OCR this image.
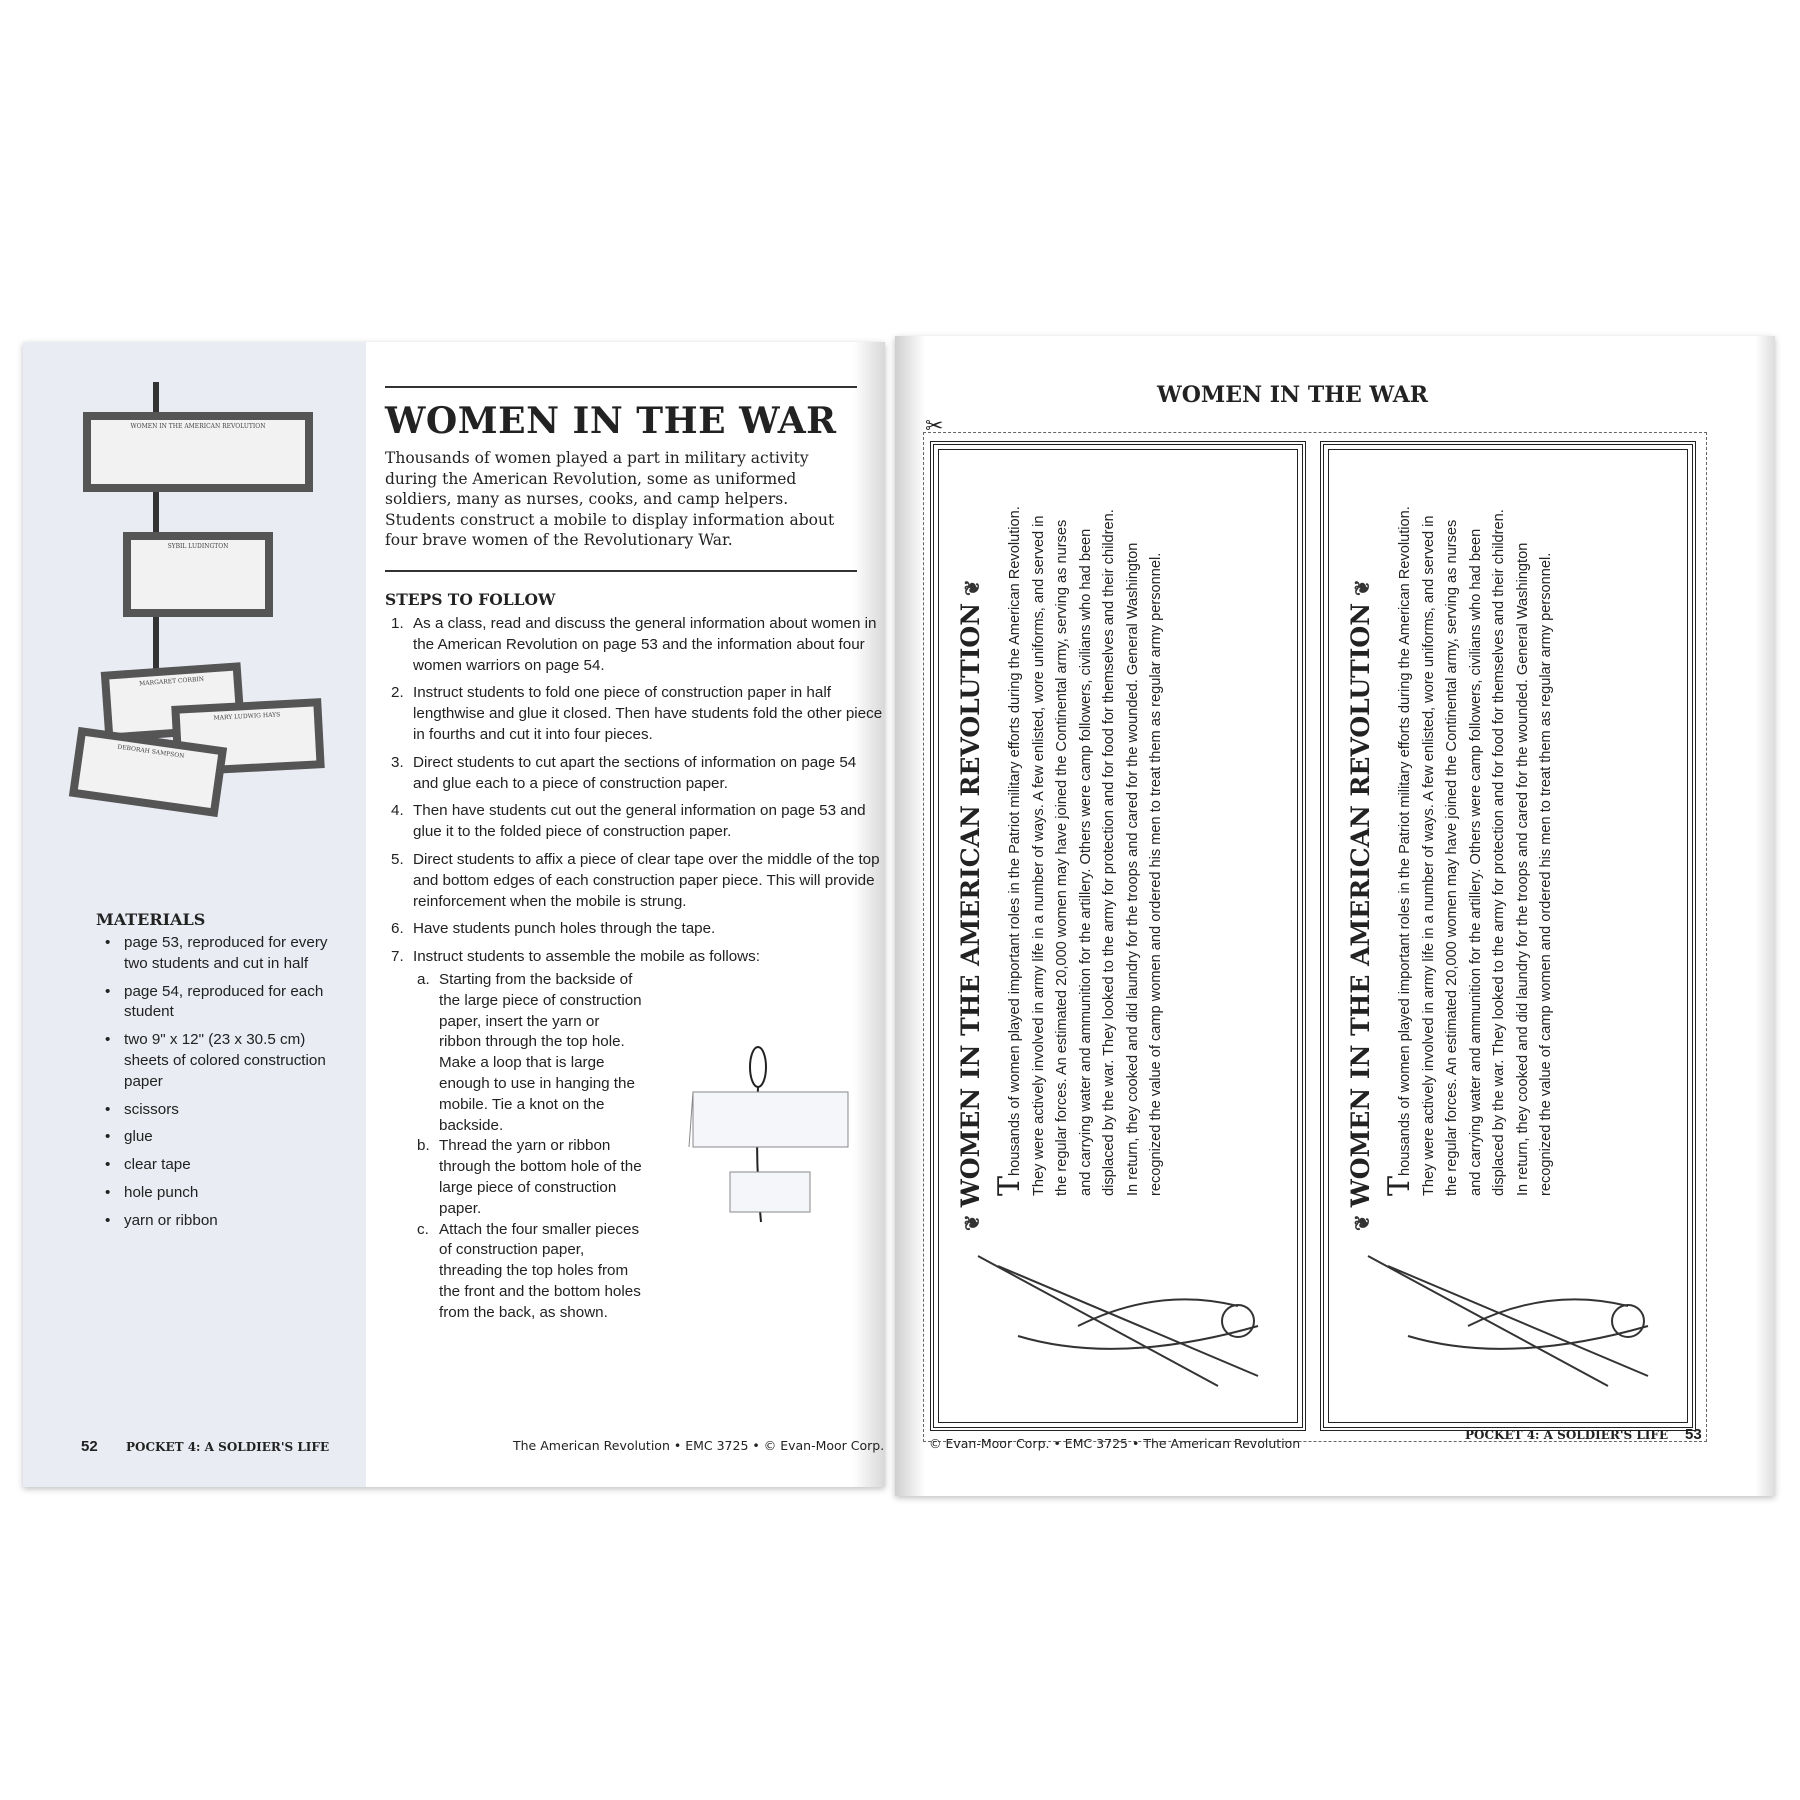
WOMEN IN THE AMERICAN REVOLUTION
SYBIL LUDINGTON
MARGARET CORBIN
MARY LUDWIG HAYS
DEBORAH SAMPSON
MATERIALS
• page 53, reproduced for every two students and cut in half
• page 54, reproduced for each student
• two 9" x 12" (23 x 30.5 cm) sheets of colored construction paper
• scissors
• glue
• clear tape
• hole punch
• yarn or ribbon
WOMEN IN THE WAR
Thousands of women played a part in military activity during the American Revolution, some as uniformed soldiers, many as nurses, cooks, and camp helpers. Students construct a mobile to display information about four brave women of the Revolutionary War.
STEPS TO FOLLOW
1. As a class, read and discuss the general information about women in the American Revolution on page 53 and the information about four women warriors on page 54.
2. Instruct students to fold one piece of construction paper in half lengthwise and glue it closed. Then have students fold the other piece in fourths and cut it into four pieces.
3. Direct students to cut apart the sections of information on page 54 and glue each to a piece of construction paper.
4. Then have students cut out the general information on page 53 and glue it to the folded piece of construction paper.
5. Direct students to affix a piece of clear tape over the middle of the top and bottom edges of each construction paper piece. This will provide reinforcement when the mobile is strung.
6. Have students punch holes through the tape.
7. Instruct students to assemble the mobile as follows:
a. Starting from the backside of the large piece of construction paper, insert the yarn or ribbon through the top hole. Make a loop that is large enough to use in hanging the mobile. Tie a knot on the backside.
b. Thread the yarn or ribbon through the bottom hole of the large piece of construction paper.
c. Attach the four smaller pieces of construction paper, threading the top holes from the front and the bottom holes from the back, as shown.
52 POCKET 4: A SOLDIER'S LIFE	The American Revolution • EMC 3725 • © Evan-Moor Corp.
WOMEN IN THE WAR
✂
❦ WOMEN IN THE AMERICAN REVOLUTION ❦
Thousands of women played important roles in the Patriot military efforts during the American Revolution. They were actively involved in army life in a number of ways. A few enlisted, wore uniforms, and served in the regular forces. An estimated 20,000 women may have joined the Continental army, serving as nurses and carrying water and ammunition for the artillery. Others were camp followers, civilians who had been displaced by the war. They looked to the army for protection and for food for themselves and their children. In return, they cooked and did laundry for the troops and cared for the wounded. General Washington recognized the value of camp women and ordered his men to treat them as regular army personnel.
❦ WOMEN IN THE AMERICAN REVOLUTION ❦
Thousands of women played important roles in the Patriot military efforts during the American Revolution. They were actively involved in army life in a number of ways. A few enlisted, wore uniforms, and served in the regular forces. An estimated 20,000 women may have joined the Continental army, serving as nurses and carrying water and ammunition for the artillery. Others were camp followers, civilians who had been displaced by the war. They looked to the army for protection and for food for themselves and their children. In return, they cooked and did laundry for the troops and cared for the wounded. General Washington recognized the value of camp women and ordered his men to treat them as regular army personnel.
© Evan-Moor Corp. • EMC 3725 • The American Revolution
POCKET 4: A SOLDIER'S LIFE 53
